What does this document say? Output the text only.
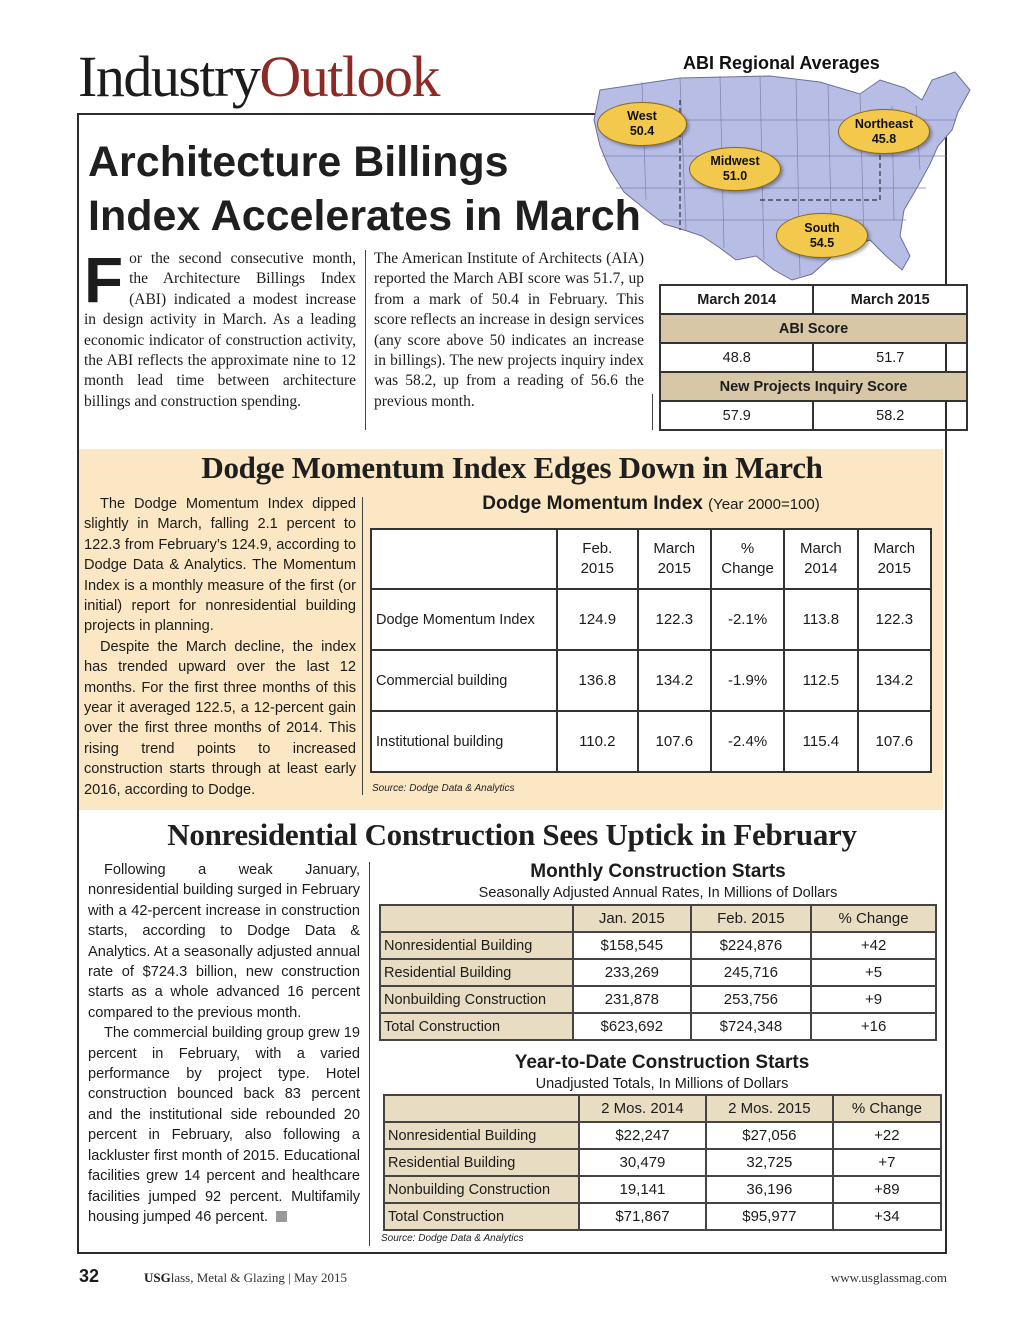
IndustryOutlook	ABI Regional Averages
West
50.4
Midwest
51.0
Northeast
45.8
South
54.5
Architecture Billings
Index Accelerates in March
For the second consecutive month, the Architecture Billings Index (ABI) indicated a modest increase in design activity in March. As a leading economic indicator of construction activity, the ABI reflects the approximate nine to 12 month lead time between architecture billings and construction spending.
The American Institute of Architects (AIA) reported the March ABI score was 51.7, up from a mark of 50.4 in February. This score reflects an increase in design services (any score above 50 indicates an increase in billings). The new projects inquiry index was 58.2, up from a reading of 56.6 the previous month.
March 2014	March 2015
ABI Score	
48.8	51.7
New Projects Inquiry Score	
57.9	58.2
Dodge Momentum Index Edges Down in March

The Dodge Momentum Index dipped slightly in March, falling 2.1 percent to 122.3 from February’s 124.9, according to Dodge Data & Analytics. The Momentum Index is a monthly measure of the first (or initial) report for nonresidential building projects in planning.

Despite the March decline, the index has trended upward over the last 12 months. For the first three months of this year it averaged 122.5, a 12-percent gain over the first three months of 2014. This rising trend points to increased construction starts through at least early 2016, according to Dodge.

Dodge Momentum Index (Year 2000=100)
	Feb. 2015	March 2015	% Change	March 2014	March 2015
Dodge Momentum Index	124.9	122.3	-2.1%	113.8	122.3
Commercial building	136.8	134.2	-1.9%	112.5	134.2
Institutional building	110.2	107.6	-2.4%	115.4	107.6
Source: Dodge Data & Analytics
Nonresidential Construction Sees Uptick in February

Following a weak January, nonresidential building surged in February with a 42-percent increase in construction starts, according to Dodge Data & Analytics. At a seasonally adjusted annual rate of $724.3 billion, new construction starts as a whole advanced 16 percent compared to the previous month.

The commercial building group grew 19 percent in February, with a varied performance by project type. Hotel construction bounced back 83 percent and the institutional side rebounded 20 percent in February, also following a lackluster first month of 2015. Educational facilities grew 14 percent and healthcare facilities jumped 92 percent. Multifamily housing jumped 46 percent.

Monthly Construction Starts
Seasonally Adjusted Annual Rates, In Millions of Dollars
	Jan. 2015	Feb. 2015	% Change
Nonresidential Building	$158,545	$224,876	+42
Residential Building	233,269	245,716	+5
Nonbuilding Construction	231,878	253,756	+9
Total Construction	$623,692	$724,348	+16
Year-to-Date Construction Starts
Unadjusted Totals, In Millions of Dollars
	2 Mos. 2014	2 Mos. 2015	% Change
Nonresidential Building	$22,247	$27,056	+22
Residential Building	30,479	32,725	+7
Nonbuilding Construction	19,141	36,196	+89
Total Construction	$71,867	$95,977	+34
Source: Dodge Data & Analytics
32	USGlass, Metal & Glazing | May 2015	www.usglassmag.com
